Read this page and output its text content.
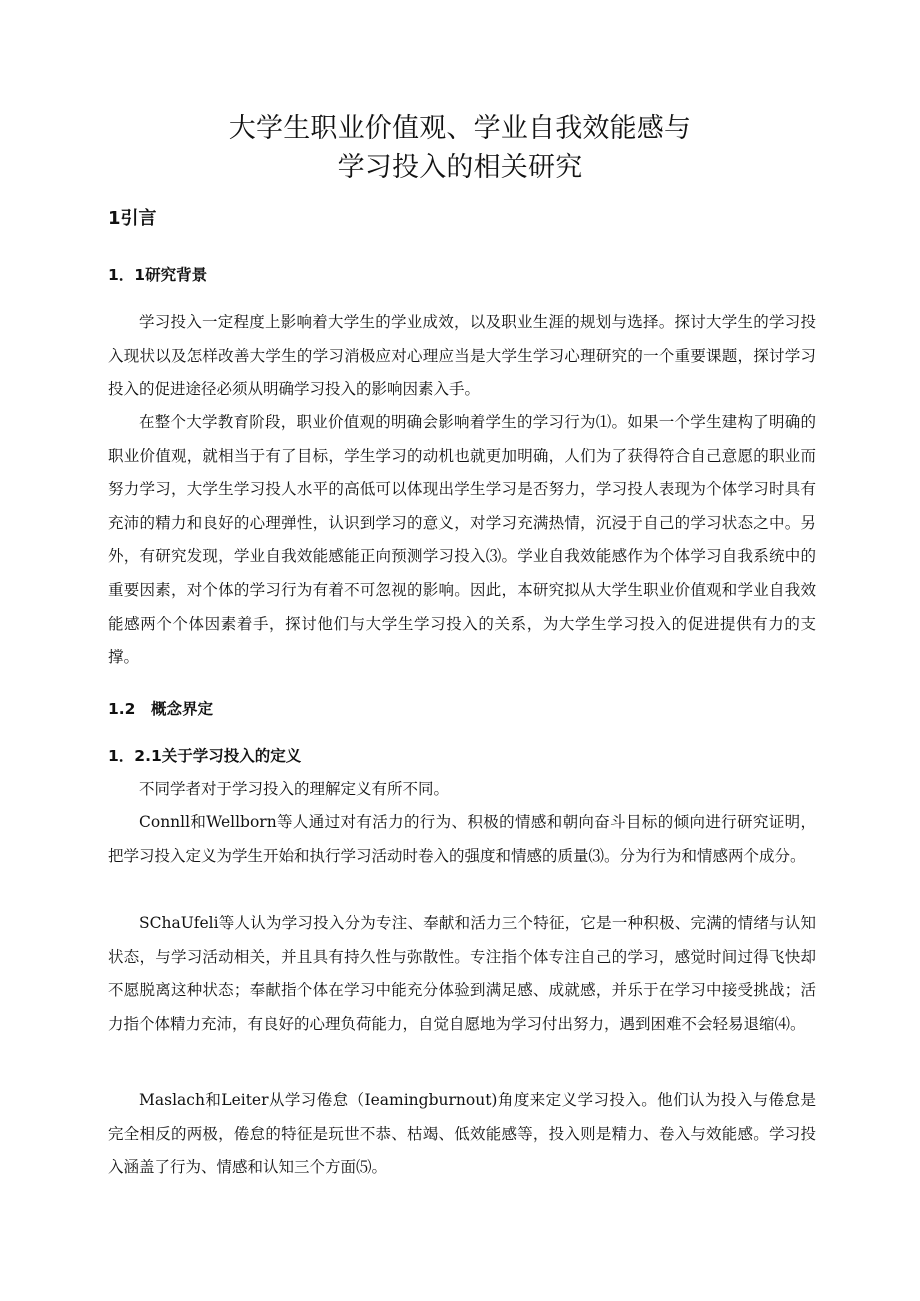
大学生职业价值观、学业自我效能感与
学习投入的相关研究
1引言
1．1研究背景

学习投入一定程度上影响着大学生的学业成效，以及职业生涯的规划与选择。探讨大学生的学习投入现状以及怎样改善大学生的学习消极应对心理应当是大学生学习心理研究的一个重要课题，探讨学习投入的促进途径必须从明确学习投入的影响因素入手。

在整个大学教育阶段，职业价值观的明确会影响着学生的学习行为⑴。如果一个学生建构了明确的职业价值观，就相当于有了目标，学生学习的动机也就更加明确，人们为了获得符合自己意愿的职业而努力学习，大学生学习投人水平的高低可以体现出学生学习是否努力，学习投人表现为个体学习时具有充沛的精力和良好的心理弹性，认识到学习的意义，对学习充满热情，沉浸于自己的学习状态之中。另外，有研究发现，学业自我效能感能正向预测学习投入⑶。学业自我效能感作为个体学习自我系统中的重要因素，对个体的学习行为有着不可忽视的影响。因此，本研究拟从大学生职业价值观和学业自我效能感两个个体因素着手，探讨他们与大学生学习投入的关系，为大学生学习投入的促进提供有力的支撑。

1.2　概念界定
1．2.1关于学习投入的定义

不同学者对于学习投入的理解定义有所不同。

Connll和Wellborn等人通过对有活力的行为、积极的情感和朝向奋斗目标的倾向进行研究证明，把学习投入定义为学生开始和执行学习活动时卷入的强度和情感的质量⑶。分为行为和情感两个成分。

SChaUfeli等人认为学习投入分为专注、奉献和活力三个特征，它是一种积极、完满的情绪与认知状态，与学习活动相关，并且具有持久性与弥散性。专注指个体专注自己的学习，感觉时间过得飞快却不愿脱离这种状态；奉献指个体在学习中能充分体验到满足感、成就感，并乐于在学习中接受挑战；活力指个体精力充沛，有良好的心理负荷能力，自觉自愿地为学习付出努力，遇到困难不会轻易退缩⑷。

Maslach和Leiter从学习倦怠（Ieamingburnout)角度来定义学习投入。他们认为投入与倦怠是完全相反的两极，倦怠的特征是玩世不恭、枯竭、低效能感等，投入则是精力、卷入与效能感。学习投入涵盖了行为、情感和认知三个方面⑸。
